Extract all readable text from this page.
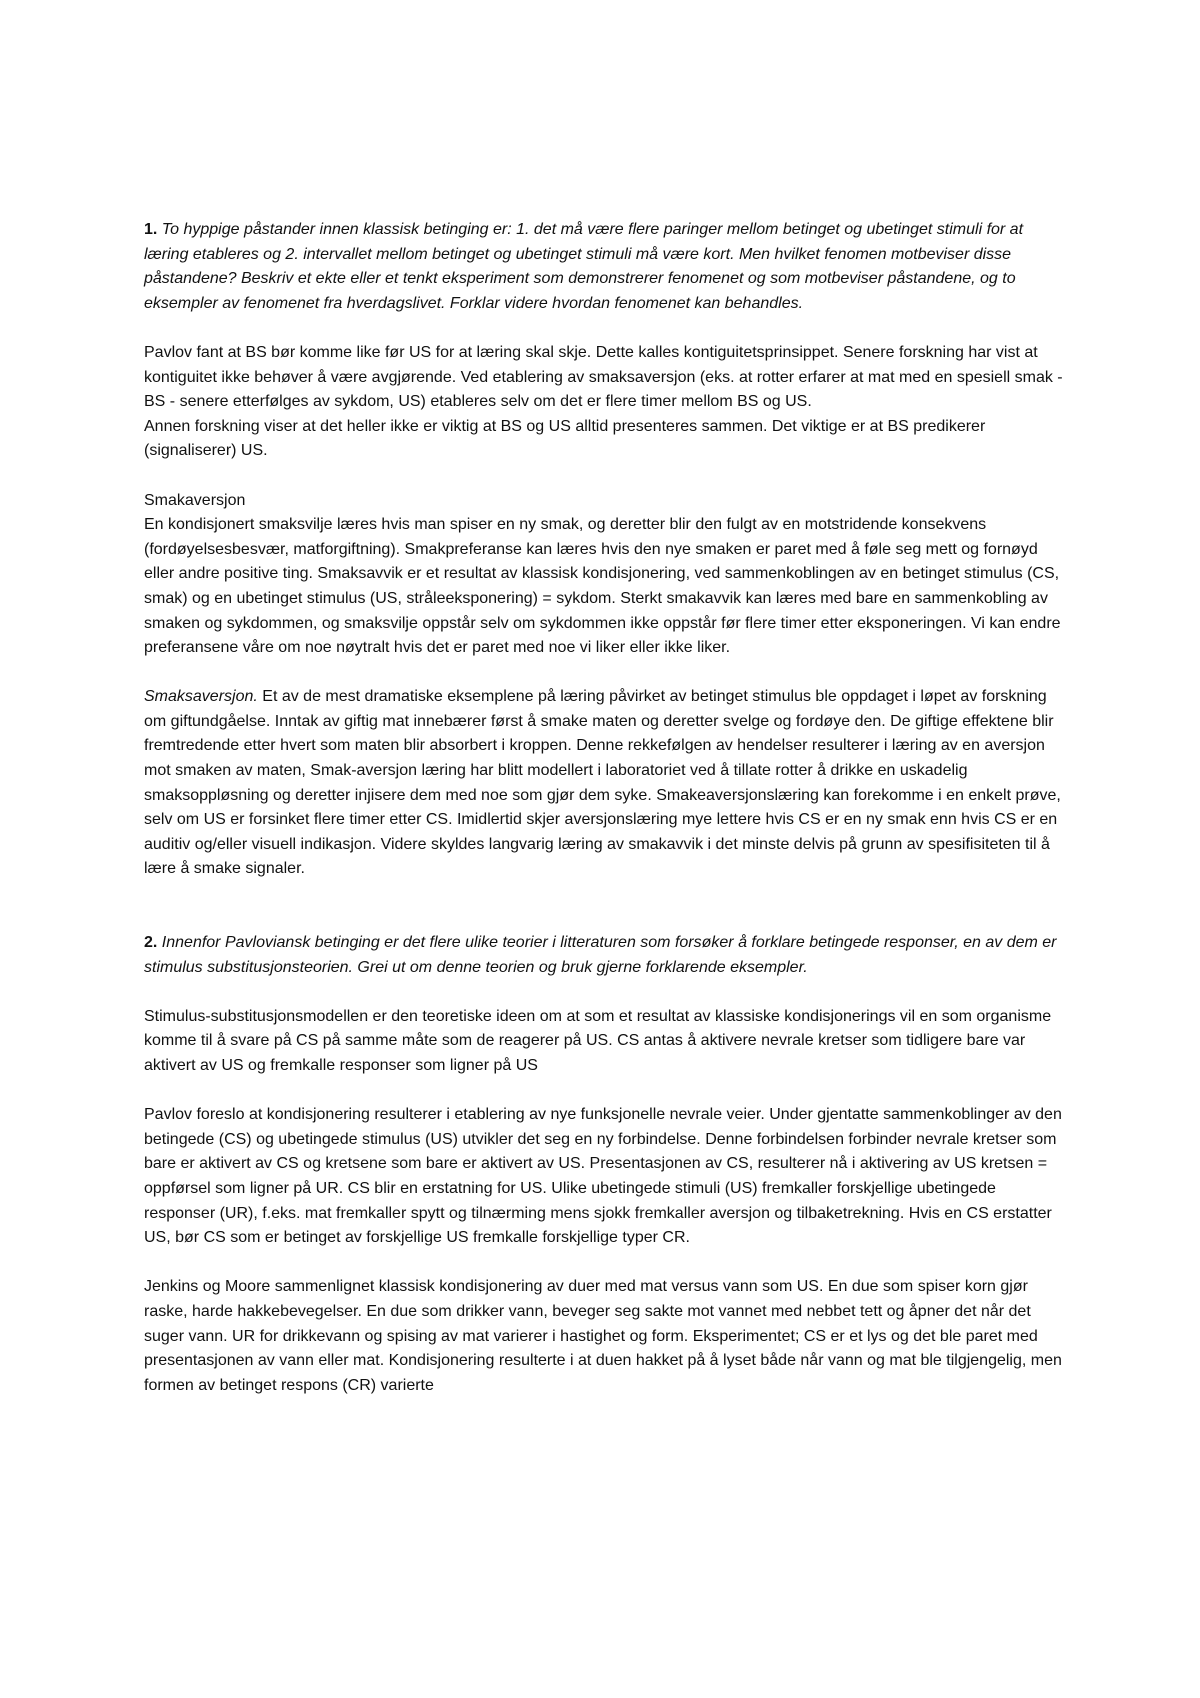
1. To hyppige påstander innen klassisk betinging er: 1. det må være flere paringer mellom betinget og ubetinget stimuli for at læring etableres og 2. intervallet mellom betinget og ubetinget stimuli må være kort. Men hvilket fenomen motbeviser disse påstandene? Beskriv et ekte eller et tenkt eksperiment som demonstrerer fenomenet og som motbeviser påstandene, og to eksempler av fenomenet fra hverdagslivet. Forklar videre hvordan fenomenet kan behandles.

Pavlov fant at BS bør komme like før US for at læring skal skje. Dette kalles kontiguitetsprinsippet. Senere forskning har vist at kontiguitet ikke behøver å være avgjørende. Ved etablering av smaksaversjon (eks. at rotter erfarer at mat med en spesiell smak - BS - senere etterfølges av sykdom, US) etableres selv om det er flere timer mellom BS og US.

Annen forskning viser at det heller ikke er viktig at BS og US alltid presenteres sammen. Det viktige er at BS predikerer (signaliserer) US.

Smakaversjon

En kondisjonert smaksvilje læres hvis man spiser en ny smak, og deretter blir den fulgt av en motstridende konsekvens (fordøyelsesbesvær, matforgiftning). Smakpreferanse kan læres hvis den nye smaken er paret med å føle seg mett og fornøyd eller andre positive ting. Smaksavvik er et resultat av klassisk kondisjonering, ved sammenkoblingen av en betinget stimulus (CS, smak) og en ubetinget stimulus (US, stråleeksponering) = sykdom. Sterkt smakavvik kan læres med bare en sammenkobling av smaken og sykdommen, og smaksvilje oppstår selv om sykdommen ikke oppstår før flere timer etter eksponeringen. Vi kan endre preferansene våre om noe nøytralt hvis det er paret med noe vi liker eller ikke liker.

Smaksaversjon. Et av de mest dramatiske eksemplene på læring påvirket av betinget stimulus ble oppdaget i løpet av forskning om giftundgåelse. Inntak av giftig mat innebærer først å smake maten og deretter svelge og fordøye den. De giftige effektene blir fremtredende etter hvert som maten blir absorbert i kroppen. Denne rekkefølgen av hendelser resulterer i læring av en aversjon mot smaken av maten, Smak-aversjon læring har blitt modellert i laboratoriet ved å tillate rotter å drikke en uskadelig smaksoppløsning og deretter injisere dem med noe som gjør dem syke. Smakeaversjonslæring kan forekomme i en enkelt prøve, selv om US er forsinket flere timer etter CS. Imidlertid skjer aversjonslæring mye lettere hvis CS er en ny smak enn hvis CS er en auditiv og/eller visuell indikasjon. Videre skyldes langvarig læring av smakavvik i det minste delvis på grunn av spesifisiteten til å lære å smake signaler.

2. Innenfor Pavloviansk betinging er det flere ulike teorier i litteraturen som forsøker å forklare betingede responser, en av dem er stimulus substitusjonsteorien. Grei ut om denne teorien og bruk gjerne forklarende eksempler.

Stimulus-substitusjonsmodellen er den teoretiske ideen om at som et resultat av klassiske kondisjonerings vil en som organisme komme til å svare på CS på samme måte som de reagerer på US. CS antas å aktivere nevrale kretser som tidligere bare var aktivert av US og fremkalle responser som ligner på US

Pavlov foreslo at kondisjonering resulterer i etablering av nye funksjonelle nevrale veier. Under gjentatte sammenkoblinger av den betingede (CS) og ubetingede stimulus (US) utvikler det seg en ny forbindelse. Denne forbindelsen forbinder nevrale kretser som bare er aktivert av CS og kretsene som bare er aktivert av US. Presentasjonen av CS, resulterer nå i aktivering av US kretsen = oppførsel som ligner på UR. CS blir en erstatning for US. Ulike ubetingede stimuli (US) fremkaller forskjellige ubetingede responser (UR), f.eks. mat fremkaller spytt og tilnærming mens sjokk fremkaller aversjon og tilbaketrekning. Hvis en CS erstatter US, bør CS som er betinget av forskjellige US fremkalle forskjellige typer CR.

Jenkins og Moore sammenlignet klassisk kondisjonering av duer med mat versus vann som US. En due som spiser korn gjør raske, harde hakkebevegelser. En due som drikker vann, beveger seg sakte mot vannet med nebbet tett og åpner det når det suger vann. UR for drikkevann og spising av mat varierer i hastighet og form. Eksperimentet; CS er et lys og det ble paret med presentasjonen av vann eller mat. Kondisjonering resulterte i at duen hakket på å lyset både når vann og mat ble tilgjengelig, men formen av betinget respons (CR) varierte
